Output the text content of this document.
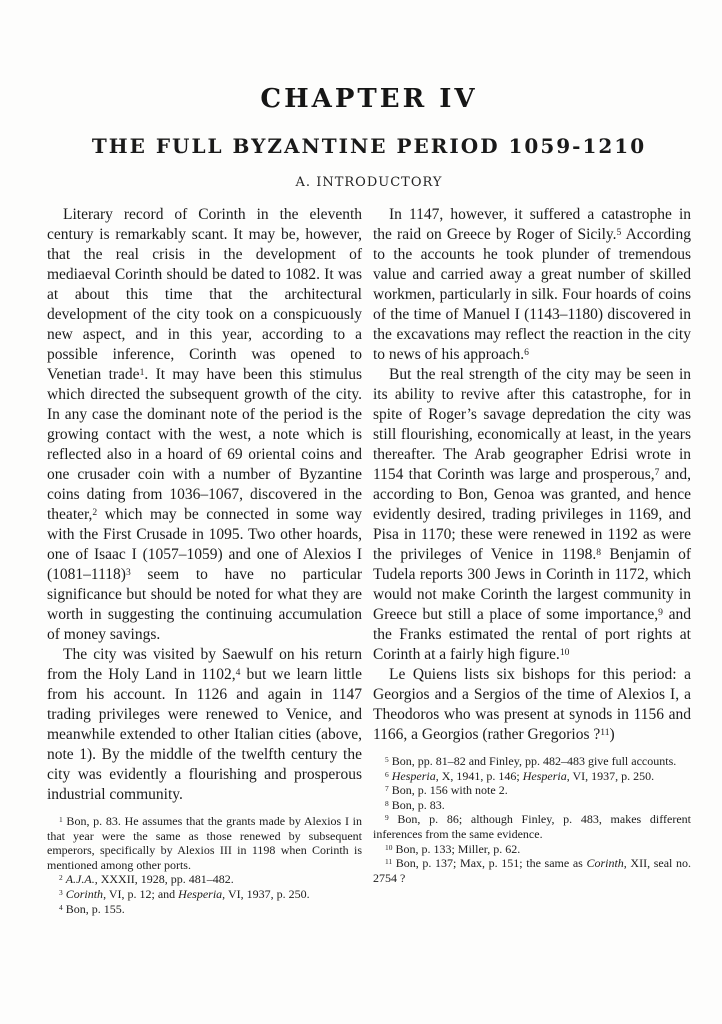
CHAPTER IV
THE FULL BYZANTINE PERIOD 1059-1210
A. INTRODUCTORY

Literary record of Corinth in the eleventh century is remarkably scant. It may be, however, that the real crisis in the development of mediaeval Corinth should be dated to 1082. It was at about this time that the architectural development of the city took on a conspicuously new aspect, and in this year, according to a possible inference, Corinth was opened to Venetian trade$^1$. It may have been this stimulus which directed the subsequent growth of the city. In any case the dominant note of the period is the growing contact with the west, a note which is reflected also in a hoard of 69 oriental coins and one crusader coin with a number of Byzantine coins dating from 1036–1067, discovered in the theater,$^2$ which may be connected in some way with the First Crusade in 1095. Two other hoards, one of Isaac I (1057–1059) and one of Alexios I (1081–1118)$^3$ seem to have no particular significance but should be noted for what they are worth in suggesting the continuing accumulation of money savings.

The city was visited by Saewulf on his return from the Holy Land in 1102,$^4$ but we learn little from his account. In 1126 and again in 1147 trading privileges were renewed to Venice, and meanwhile extended to other Italian cities (above, note 1). By the middle of the twelfth century the city was evidently a flourishing and prosperous industrial community.

$^1$ Bon, p. 83. He assumes that the grants made by Alexios I in that year were the same as those renewed by subsequent emperors, specifically by Alexios III in 1198 when Corinth is mentioned among other ports.

$^2$ A.J.A., XXXII, 1928, pp. 481–482.

$^3$ Corinth, VI, p. 12; and Hesperia, VI, 1937, p. 250.

$^4$ Bon, p. 155.

In 1147, however, it suffered a catastrophe in the raid on Greece by Roger of Sicily.$^5$ According to the accounts he took plunder of tremendous value and carried away a great number of skilled workmen, particularly in silk. Four hoards of coins of the time of Manuel I (1143–1180) discovered in the excavations may reflect the reaction in the city to news of his approach.$^6$

But the real strength of the city may be seen in its ability to revive after this catastrophe, for in spite of Roger’s savage depredation the city was still flourishing, economically at least, in the years thereafter. The Arab geographer Edrisi wrote in 1154 that Corinth was large and prosperous,$^7$ and, according to Bon, Genoa was granted, and hence evidently desired, trading privileges in 1169, and Pisa in 1170; these were renewed in 1192 as were the privileges of Venice in 1198.$^8$ Benjamin of Tudela reports 300 Jews in Corinth in 1172, which would not make Corinth the largest community in Greece but still a place of some importance,$^9$ and the Franks estimated the rental of port rights at Corinth at a fairly high figure.$^{10}$

Le Quiens lists six bishops for this period: a Georgios and a Sergios of the time of Alexios I, a Theodoros who was present at synods in 1156 and 1166, a Georgios (rather Gregorios ?$^{11}$)

$^5$ Bon, pp. 81–82 and Finley, pp. 482–483 give full accounts.

$^6$ Hesperia, X, 1941, p. 146; Hesperia, VI, 1937, p. 250.

$^7$ Bon, p. 156 with note 2.

$^8$ Bon, p. 83.

$^9$ Bon, p. 86; although Finley, p. 483, makes different inferences from the same evidence.

$^{10}$ Bon, p. 133; Miller, p. 62.

$^{11}$ Bon, p. 137; Max, p. 151; the same as Corinth, XII, seal no. 2754 ?
